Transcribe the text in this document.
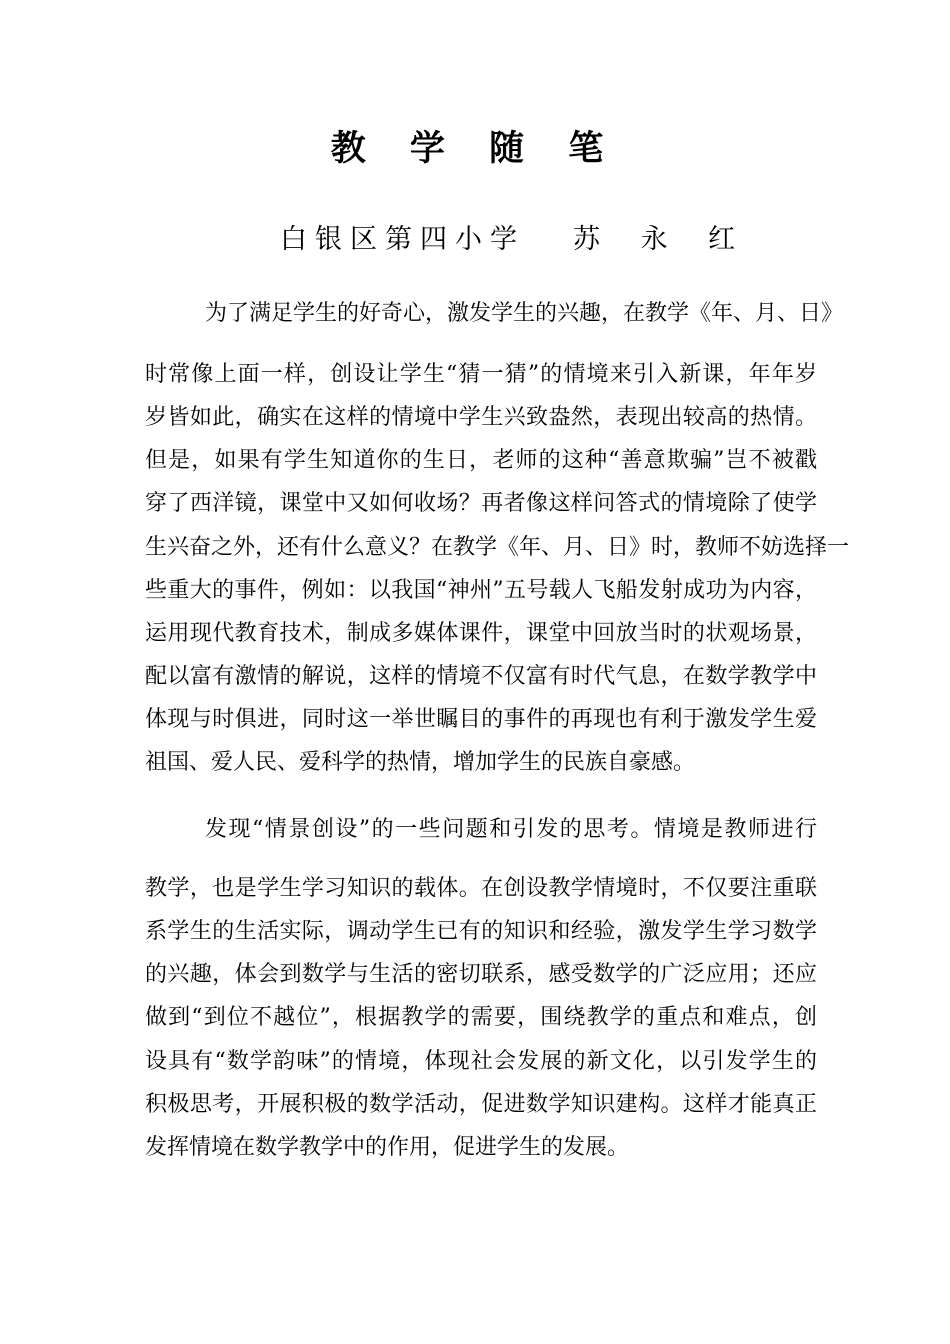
教 学 随 笔
白银区第四小学 苏 永 红
为了满足学生的好奇心，激发学生的兴趣，在教学《年、月、日》
时常像上面一样，创设让学生“猜一猜”的情境来引入新课，年年岁
岁皆如此，确实在这样的情境中学生兴致盎然，表现出较高的热情。
但是，如果有学生知道你的生日，老师的这种“善意欺骗”岂不被戳
穿了西洋镜，课堂中又如何收场？再者像这样问答式的情境除了使学
生兴奋之外，还有什么意义？在教学《年、月、日》时，教师不妨选择一
些重大的事件，例如：以我国“神州”五号载人飞船发射成功为内容，
运用现代教育技术，制成多媒体课件，课堂中回放当时的状观场景，
配以富有激情的解说，这样的情境不仅富有时代气息，在数学教学中
体现与时俱进，同时这一举世瞩目的事件的再现也有利于激发学生爱
祖国、爱人民、爱科学的热情，增加学生的民族自豪感。
发现“情景创设”的一些问题和引发的思考。情境是教师进行
教学，也是学生学习知识的载体。在创设教学情境时，不仅要注重联
系学生的生活实际，调动学生已有的知识和经验，激发学生学习数学
的兴趣，体会到数学与生活的密切联系，感受数学的广泛应用；还应
做到“到位不越位”，根据教学的需要，围绕教学的重点和难点，创
设具有“数学韵味”的情境，体现社会发展的新文化，以引发学生的
积极思考，开展积极的数学活动，促进数学知识建构。这样才能真正
发挥情境在数学教学中的作用，促进学生的发展。
